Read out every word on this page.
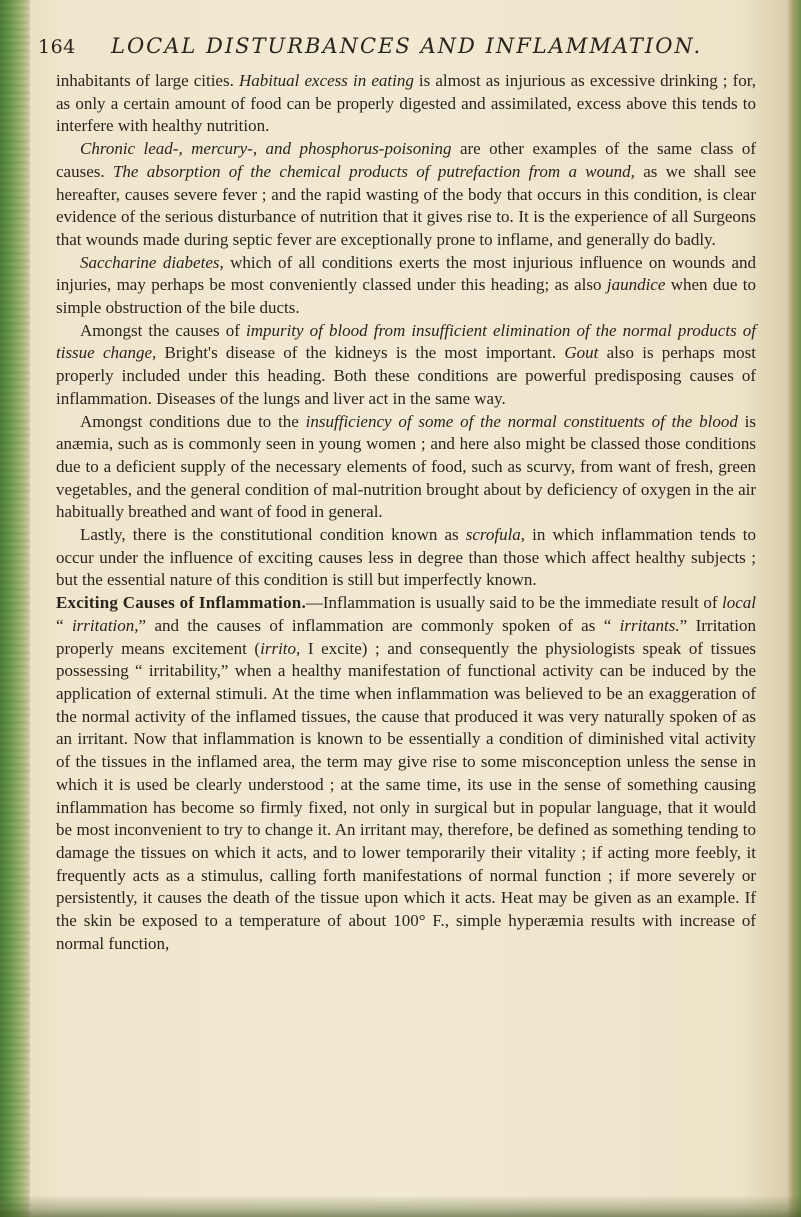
164 LOCAL DISTURBANCES AND INFLAMMATION.

inhabitants of large cities. Habitual excess in eating is almost as injurious as excessive drinking ; for, as only a certain amount of food can be properly digested and assimilated, excess above this tends to interfere with healthy nutrition.

Chronic lead-, mercury-, and phosphorus-poisoning are other examples of the same class of causes. The absorption of the chemical products of putrefaction from a wound, as we shall see hereafter, causes severe fever ; and the rapid wasting of the body that occurs in this condition, is clear evidence of the serious disturbance of nutrition that it gives rise to. It is the experience of all Surgeons that wounds made during septic fever are exceptionally prone to inflame, and generally do badly.

Saccharine diabetes, which of all conditions exerts the most injurious influence on wounds and injuries, may perhaps be most conveniently classed under this heading; as also jaundice when due to simple obstruction of the bile ducts.

Amongst the causes of impurity of blood from insufficient elimination of the normal products of tissue change, Bright's disease of the kidneys is the most important. Gout also is perhaps most properly included under this heading. Both these conditions are powerful predisposing causes of inflammation. Diseases of the lungs and liver act in the same way.

Amongst conditions due to the insufficiency of some of the normal constituents of the blood is anæmia, such as is commonly seen in young women ; and here also might be classed those conditions due to a deficient supply of the necessary elements of food, such as scurvy, from want of fresh, green vegetables, and the general condition of mal-nutrition brought about by deficiency of oxygen in the air habitually breathed and want of food in general.

Lastly, there is the constitutional condition known as scrofula, in which inflammation tends to occur under the influence of exciting causes less in degree than those which affect healthy subjects ; but the essential nature of this condition is still but imperfectly known.

Exciting Causes of Inflammation.—Inflammation is usually said to be the immediate result of local “ irritation,” and the causes of inflammation are commonly spoken of as “ irritants.” Irritation properly means excitement (irrito, I excite) ; and consequently the physiologists speak of tissues possessing “ irritability,” when a healthy manifestation of functional activity can be induced by the application of external stimuli. At the time when inflammation was believed to be an exaggeration of the normal activity of the inflamed tissues, the cause that produced it was very naturally spoken of as an irritant. Now that inflammation is known to be essentially a condition of diminished vital activity of the tissues in the inflamed area, the term may give rise to some misconception unless the sense in which it is used be clearly understood ; at the same time, its use in the sense of something causing inflammation has become so firmly fixed, not only in surgical but in popular language, that it would be most inconvenient to try to change it. An irritant may, therefore, be defined as something tending to damage the tissues on which it acts, and to lower temporarily their vitality ; if acting more feebly, it frequently acts as a stimulus, calling forth manifestations of normal function ; if more severely or persistently, it causes the death of the tissue upon which it acts. Heat may be given as an example. If the skin be exposed to a temperature of about 100° F., simple hyperæmia results with increase of normal function,
